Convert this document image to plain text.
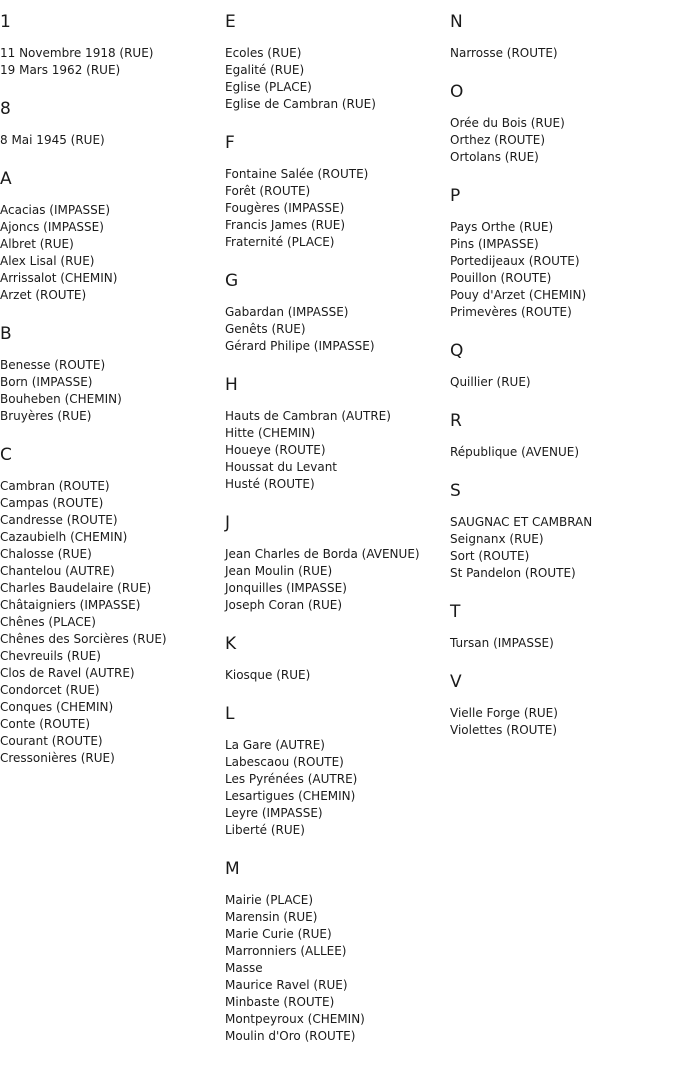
1
11 Novembre 1918 (RUE)
19 Mars 1962 (RUE)
8
8 Mai 1945 (RUE)
A
Acacias (IMPASSE)
Ajoncs (IMPASSE)
Albret (RUE)
Alex Lisal (RUE)
Arrissalot (CHEMIN)
Arzet (ROUTE)
B
Benesse (ROUTE)
Born (IMPASSE)
Bouheben (CHEMIN)
Bruyères (RUE)
C
Cambran (ROUTE)
Campas (ROUTE)
Candresse (ROUTE)
Cazaubielh (CHEMIN)
Chalosse (RUE)
Chantelou (AUTRE)
Charles Baudelaire (RUE)
Châtaigniers (IMPASSE)
Chênes (PLACE)
Chênes des Sorcières (RUE)
Chevreuils (RUE)
Clos de Ravel (AUTRE)
Condorcet (RUE)
Conques (CHEMIN)
Conte (ROUTE)
Courant (ROUTE)
Cressonières (RUE)
E
Ecoles (RUE)
Egalité (RUE)
Eglise (PLACE)
Eglise de Cambran (RUE)
F
Fontaine Salée (ROUTE)
Forêt (ROUTE)
Fougères (IMPASSE)
Francis James (RUE)
Fraternité (PLACE)
G
Gabardan (IMPASSE)
Genêts (RUE)
Gérard Philipe (IMPASSE)
H
Hauts de Cambran (AUTRE)
Hitte (CHEMIN)
Houeye (ROUTE)
Houssat du Levant
Husté (ROUTE)
J
Jean Charles de Borda (AVENUE)
Jean Moulin (RUE)
Jonquilles (IMPASSE)
Joseph Coran (RUE)
K
Kiosque (RUE)
L
La Gare (AUTRE)
Labescaou (ROUTE)
Les Pyrénées (AUTRE)
Lesartigues (CHEMIN)
Leyre (IMPASSE)
Liberté (RUE)
M
Mairie (PLACE)
Marensin (RUE)
Marie Curie (RUE)
Marronniers (ALLEE)
Masse
Maurice Ravel (RUE)
Minbaste (ROUTE)
Montpeyroux (CHEMIN)
Moulin d'Oro (ROUTE)
N
Narrosse (ROUTE)
O
Orée du Bois (RUE)
Orthez (ROUTE)
Ortolans (RUE)
P
Pays Orthe (RUE)
Pins (IMPASSE)
Portedijeaux (ROUTE)
Pouillon (ROUTE)
Pouy d'Arzet (CHEMIN)
Primevères (ROUTE)
Q
Quillier (RUE)
R
République (AVENUE)
S
SAUGNAC ET CAMBRAN
Seignanx (RUE)
Sort (ROUTE)
St Pandelon (ROUTE)
T
Tursan (IMPASSE)
V
Vielle Forge (RUE)
Violettes (ROUTE)
